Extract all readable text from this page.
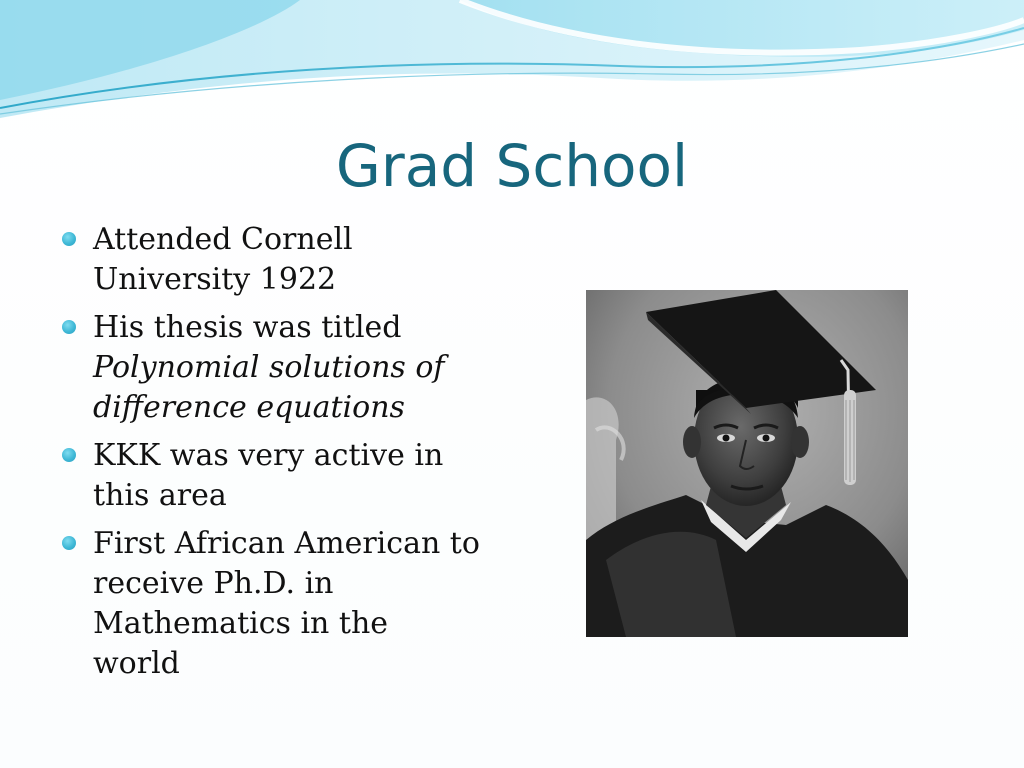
Grad School
Attended Cornell University 1922
His thesis was titled Polynomial solutions of difference equations
KKK was very active in this area
First African American to receive Ph.D. in Mathematics in the world
